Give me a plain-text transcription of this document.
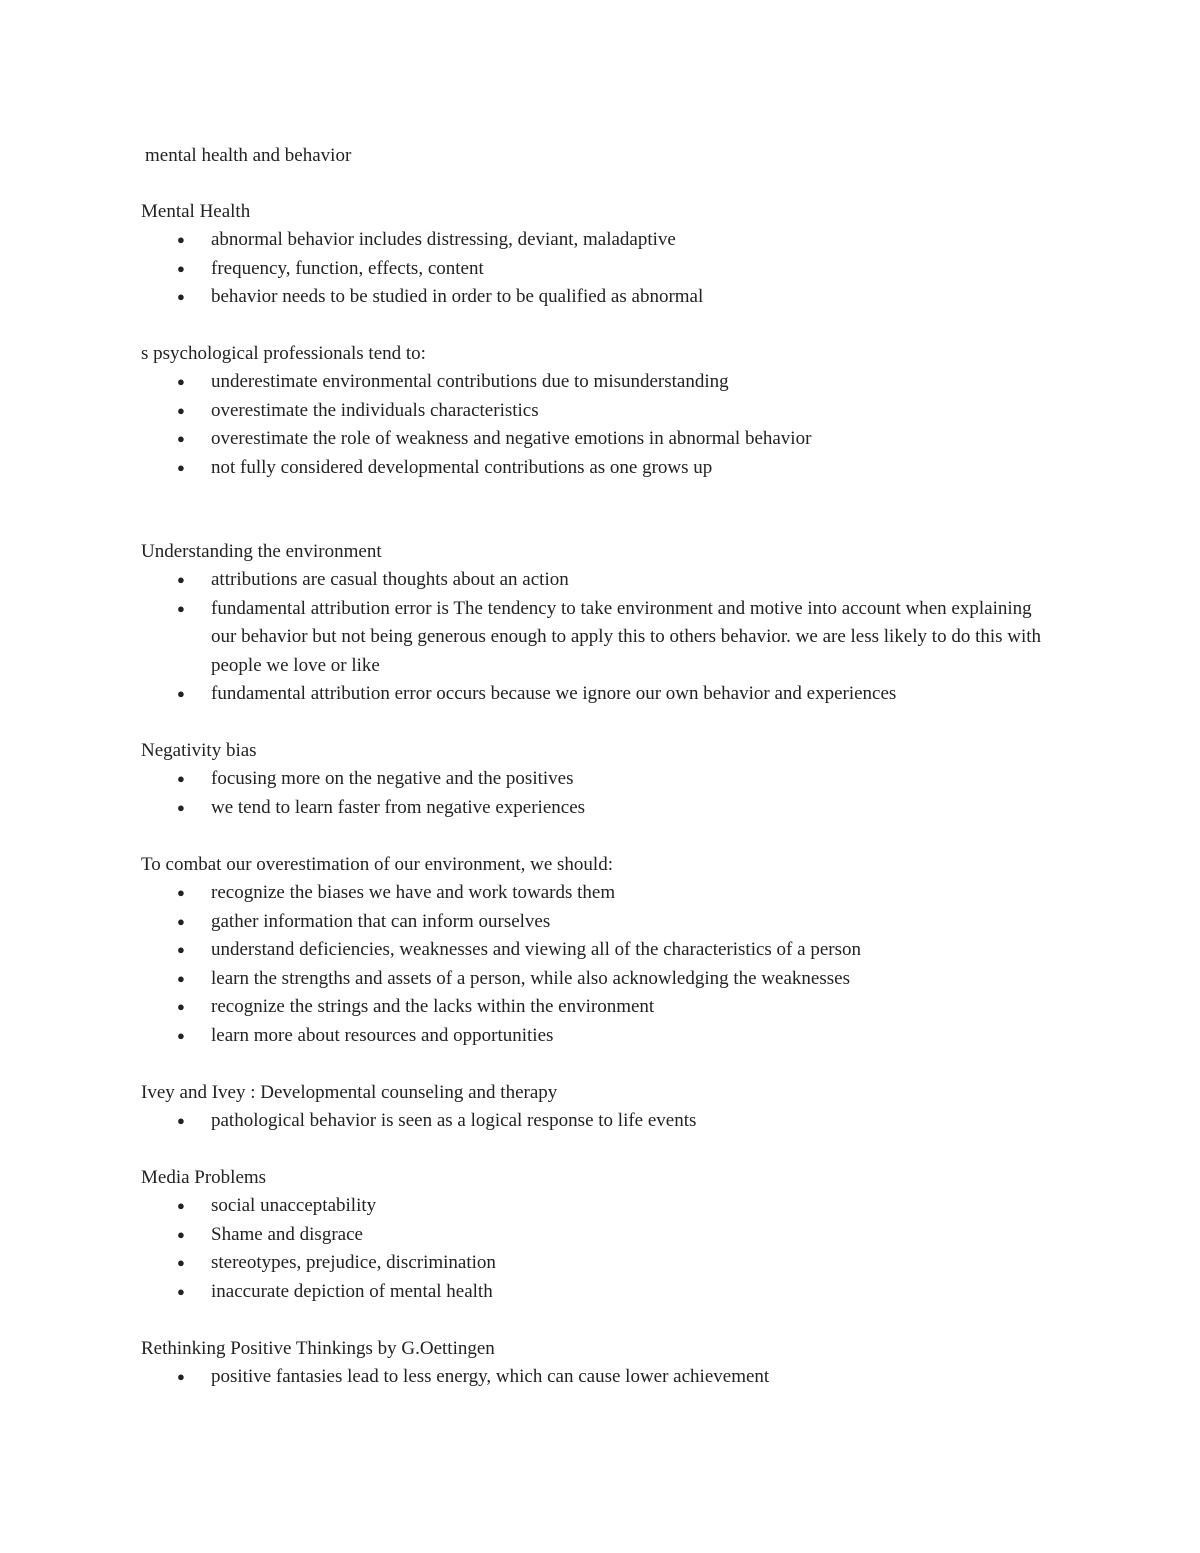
mental health and behavior
Mental Health
● abnormal behavior includes distressing, deviant, maladaptive
● frequency, function, effects, content
● behavior needs to be studied in order to be qualified as abnormal
s psychological professionals tend to:
● underestimate environmental contributions due to misunderstanding
● overestimate the individuals characteristics
● overestimate the role of weakness and negative emotions in abnormal behavior
● not fully considered developmental contributions as one grows up
Understanding the environment
● attributions are casual thoughts about an action
● fundamental attribution error is The tendency to take environment and motive into account when explaining our behavior but not being generous enough to apply this to others behavior. we are less likely to do this with people we love or like
● fundamental attribution error occurs because we ignore our own behavior and experiences
Negativity bias
● focusing more on the negative and the positives
● we tend to learn faster from negative experiences
To combat our overestimation of our environment, we should:
● recognize the biases we have and work towards them
● gather information that can inform ourselves
● understand deficiencies, weaknesses and viewing all of the characteristics of a person
● learn the strengths and assets of a person, while also acknowledging the weaknesses
● recognize the strings and the lacks within the environment
● learn more about resources and opportunities
Ivey and Ivey : Developmental counseling and therapy
● pathological behavior is seen as a logical response to life events
Media Problems
● social unacceptability
● Shame and disgrace
● stereotypes, prejudice, discrimination
● inaccurate depiction of mental health
Rethinking Positive Thinkings by G.Oettingen
● positive fantasies lead to less energy, which can cause lower achievement
